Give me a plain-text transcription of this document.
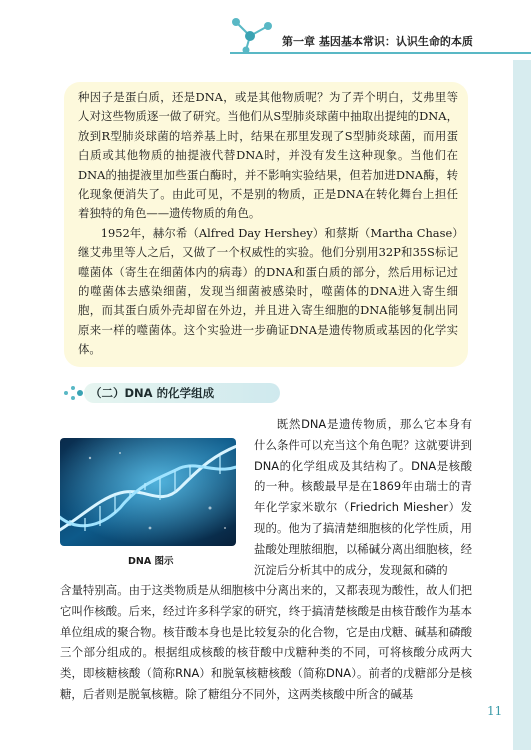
第一章 基因基本常识：认识生命的本质

种因子是蛋白质，还是DNA，或是其他物质呢？为了弄个明白，艾弗里等人对这些物质逐一做了研究。当他们从S型肺炎球菌中抽取出提纯的DNA，放到R型肺炎球菌的培养基上时，结果在那里发现了S型肺炎球菌，而用蛋白质或其他物质的抽提液代替DNA时，并没有发生这种现象。当他们在DNA的抽提液里加些蛋白酶时，并不影响实验结果，但若加进DNA酶，转化现象便消失了。由此可见，不是别的物质，正是DNA在转化舞台上担任着独特的角色——遗传物质的角色。

1952年，赫尔希（Alfred Day Hershey）和蔡斯（Martha Chase）继艾弗里等人之后，又做了一个权威性的实验。他们分别用32P和35S标记噬菌体（寄生在细菌体内的病毒）的DNA和蛋白质的部分，然后用标记过的噬菌体去感染细菌，发现当细菌被感染时，噬菌体的DNA进入寄生细胞，而其蛋白质外壳却留在外边，并且进入寄生细胞的DNA能够复制出同原来一样的噬菌体。这个实验进一步确证DNA是遗传物质或基因的化学实体。

（二）DNA 的化学组成
DNA 图示

既然DNA是遗传物质，那么它本身有什么条件可以充当这个角色呢？这就要讲到DNA的化学组成及其结构了。DNA是核酸的一种。核酸最早是在1869年由瑞士的青年化学家米歇尔（Friedrich Miesher）发现的。他为了搞清楚细胞核的化学性质，用盐酸处理脓细胞，以稀碱分离出细胞核，经沉淀后分析其中的成分，发现氮和磷的

含量特别高。由于这类物质是从细胞核中分离出来的，又都表现为酸性，故人们把它叫作核酸。后来，经过许多科学家的研究，终于搞清楚核酸是由核苷酸作为基本单位组成的聚合物。核苷酸本身也是比较复杂的化合物，它是由戊糖、碱基和磷酸三个部分组成的。根据组成核酸的核苷酸中戊糖种类的不同，可将核酸分成两大类，即核糖核酸（简称RNA）和脱氧核糖核酸（简称DNA）。前者的戊糖部分是核糖，后者则是脱氧核糖。除了糖组分不同外，这两类核酸中所含的碱基

11
